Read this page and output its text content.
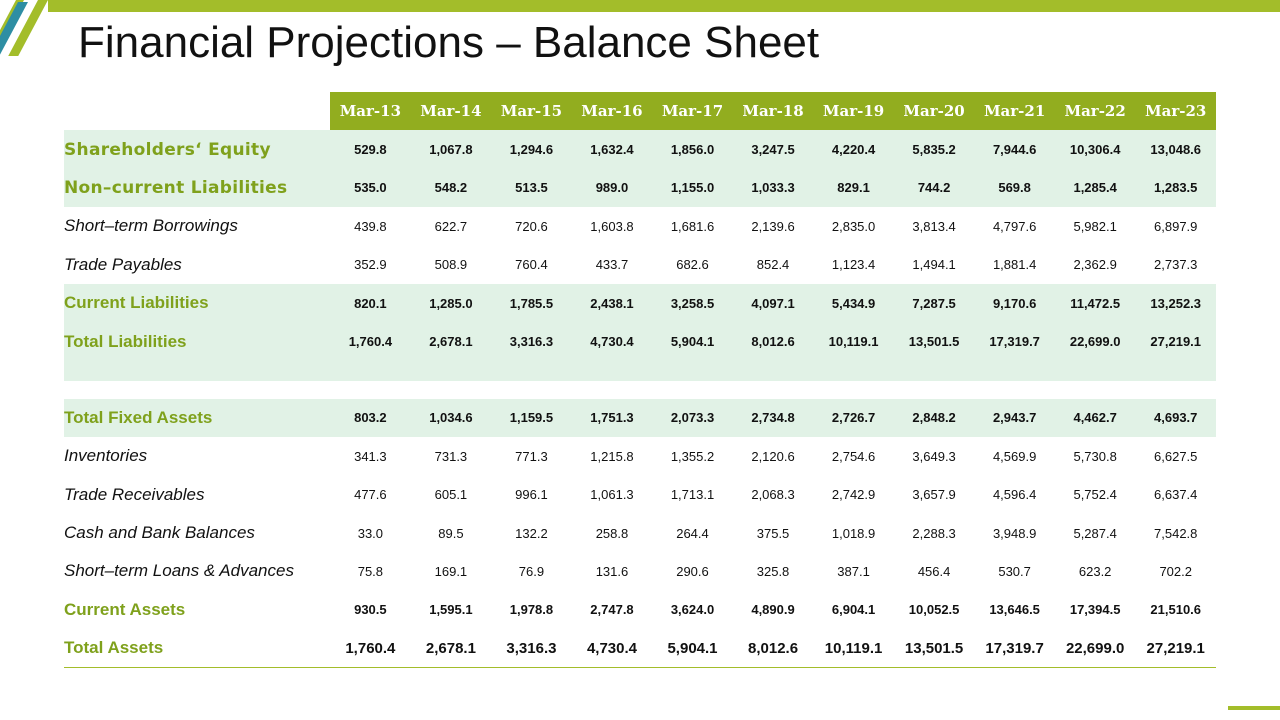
Financial Projections – Balance Sheet
	Mar-13	Mar-14	Mar-15	Mar-16	Mar-17	Mar-18	Mar-19	Mar-20	Mar-21	Mar-22	Mar-23
Shareholders‘ Equity	529.8	1,067.8	1,294.6	1,632.4	1,856.0	3,247.5	4,220.4	5,835.2	7,944.6	10,306.4	13,048.6
Non–current Liabilities	535.0	548.2	513.5	989.0	1,155.0	1,033.3	829.1	744.2	569.8	1,285.4	1,283.5
Short–term Borrowings	439.8	622.7	720.6	1,603.8	1,681.6	2,139.6	2,835.0	3,813.4	4,797.6	5,982.1	6,897.9
Trade Payables	352.9	508.9	760.4	433.7	682.6	852.4	1,123.4	1,494.1	1,881.4	2,362.9	2,737.3
Current Liabilities	820.1	1,285.0	1,785.5	2,438.1	3,258.5	4,097.1	5,434.9	7,287.5	9,170.6	11,472.5	13,252.3
Total Liabilities	1,760.4	2,678.1	3,316.3	4,730.4	5,904.1	8,012.6	10,119.1	13,501.5	17,319.7	22,699.0	27,219.1

Total Fixed Assets	803.2	1,034.6	1,159.5	1,751.3	2,073.3	2,734.8	2,726.7	2,848.2	2,943.7	4,462.7	4,693.7
Inventories	341.3	731.3	771.3	1,215.8	1,355.2	2,120.6	2,754.6	3,649.3	4,569.9	5,730.8	6,627.5
Trade Receivables	477.6	605.1	996.1	1,061.3	1,713.1	2,068.3	2,742.9	3,657.9	4,596.4	5,752.4	6,637.4
Cash and Bank Balances	33.0	89.5	132.2	258.8	264.4	375.5	1,018.9	2,288.3	3,948.9	5,287.4	7,542.8
Short–term Loans & Advances	75.8	169.1	76.9	131.6	290.6	325.8	387.1	456.4	530.7	623.2	702.2
Current Assets	930.5	1,595.1	1,978.8	2,747.8	3,624.0	4,890.9	6,904.1	10,052.5	13,646.5	17,394.5	21,510.6
Total Assets	1,760.4	2,678.1	3,316.3	4,730.4	5,904.1	8,012.6	10,119.1	13,501.5	17,319.7	22,699.0	27,219.1
